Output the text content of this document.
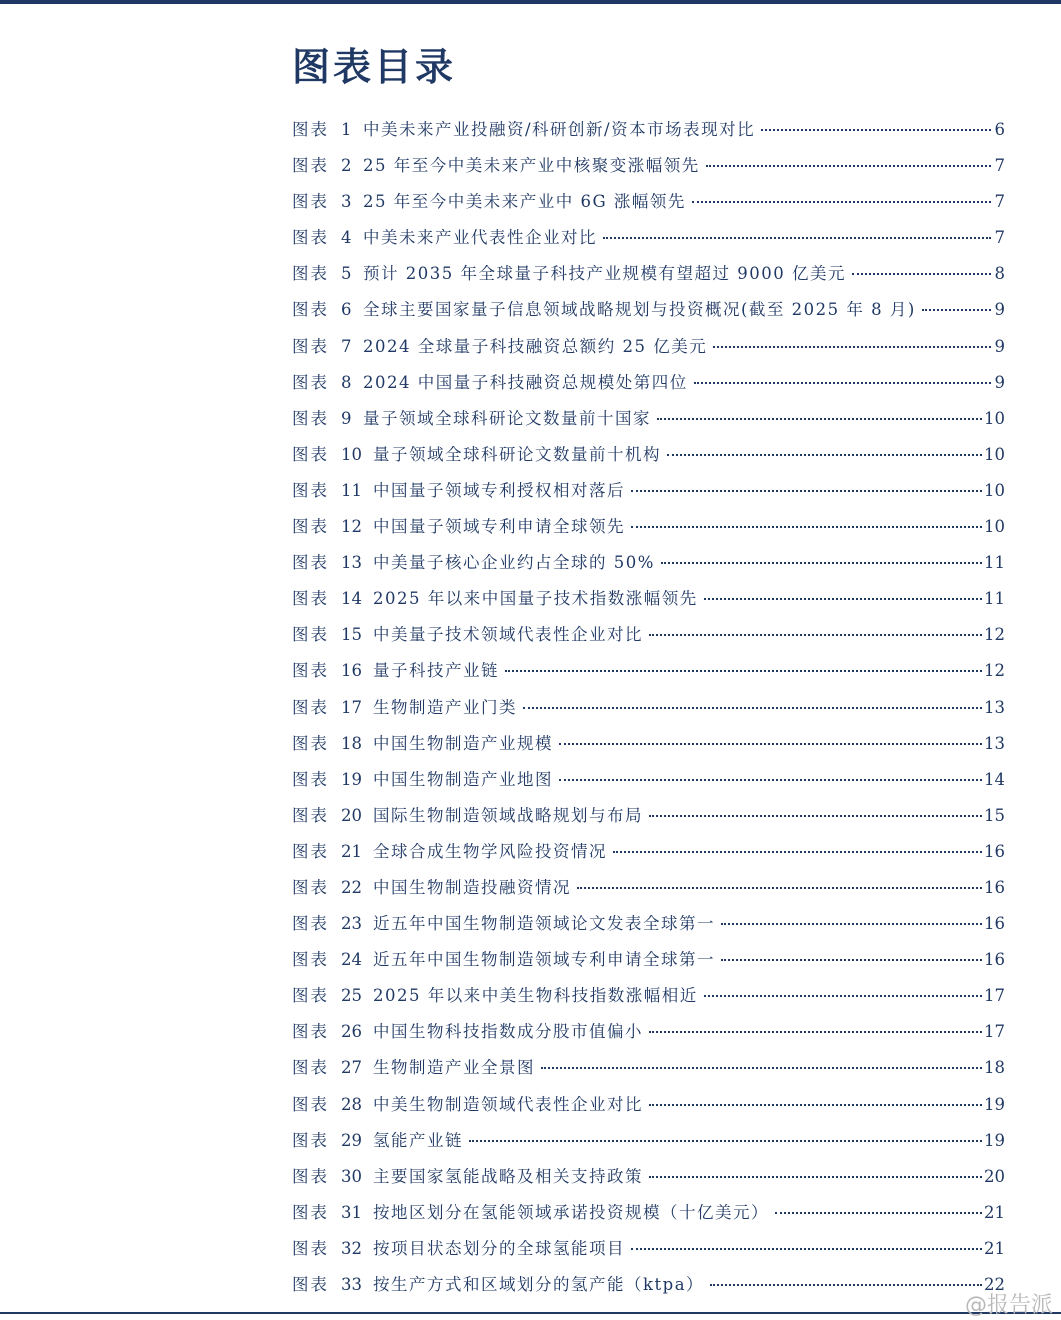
图表目录
图表 1 中美未来产业投融资/科研创新/资本市场表现对比	6
图表 2 25 年至今中美未来产业中核聚变涨幅领先	7
图表 3 25 年至今中美未来产业中 6G 涨幅领先	7
图表 4 中美未来产业代表性企业对比	7
图表 5 预计 2035 年全球量子科技产业规模有望超过 9000 亿美元	8
图表 6 全球主要国家量子信息领域战略规划与投资概况(截至 2025 年 8 月)	9
图表 7 2024 全球量子科技融资总额约 25 亿美元	9
图表 8 2024 中国量子科技融资总规模处第四位	9
图表 9 量子领域全球科研论文数量前十国家	10
图表 10 量子领域全球科研论文数量前十机构	10
图表 11 中国量子领域专利授权相对落后	10
图表 12 中国量子领域专利申请全球领先	10
图表 13 中美量子核心企业约占全球的 50%	11
图表 14 2025 年以来中国量子技术指数涨幅领先	11
图表 15 中美量子技术领域代表性企业对比	12
图表 16 量子科技产业链	12
图表 17 生物制造产业门类	13
图表 18 中国生物制造产业规模	13
图表 19 中国生物制造产业地图	14
图表 20 国际生物制造领域战略规划与布局	15
图表 21 全球合成生物学风险投资情况	16
图表 22 中国生物制造投融资情况	16
图表 23 近五年中国生物制造领域论文发表全球第一	16
图表 24 近五年中国生物制造领域专利申请全球第一	16
图表 25 2025 年以来中美生物科技指数涨幅相近	17
图表 26 中国生物科技指数成分股市值偏小	17
图表 27 生物制造产业全景图	18
图表 28 中美生物制造领域代表性企业对比	19
图表 29 氢能产业链	19
图表 30 主要国家氢能战略及相关支持政策	20
图表 31 按地区划分在氢能领域承诺投资规模（十亿美元）	21
图表 32 按项目状态划分的全球氢能项目	21
图表 33 按生产方式和区域划分的氢产能（ktpa）	22
@报告派
